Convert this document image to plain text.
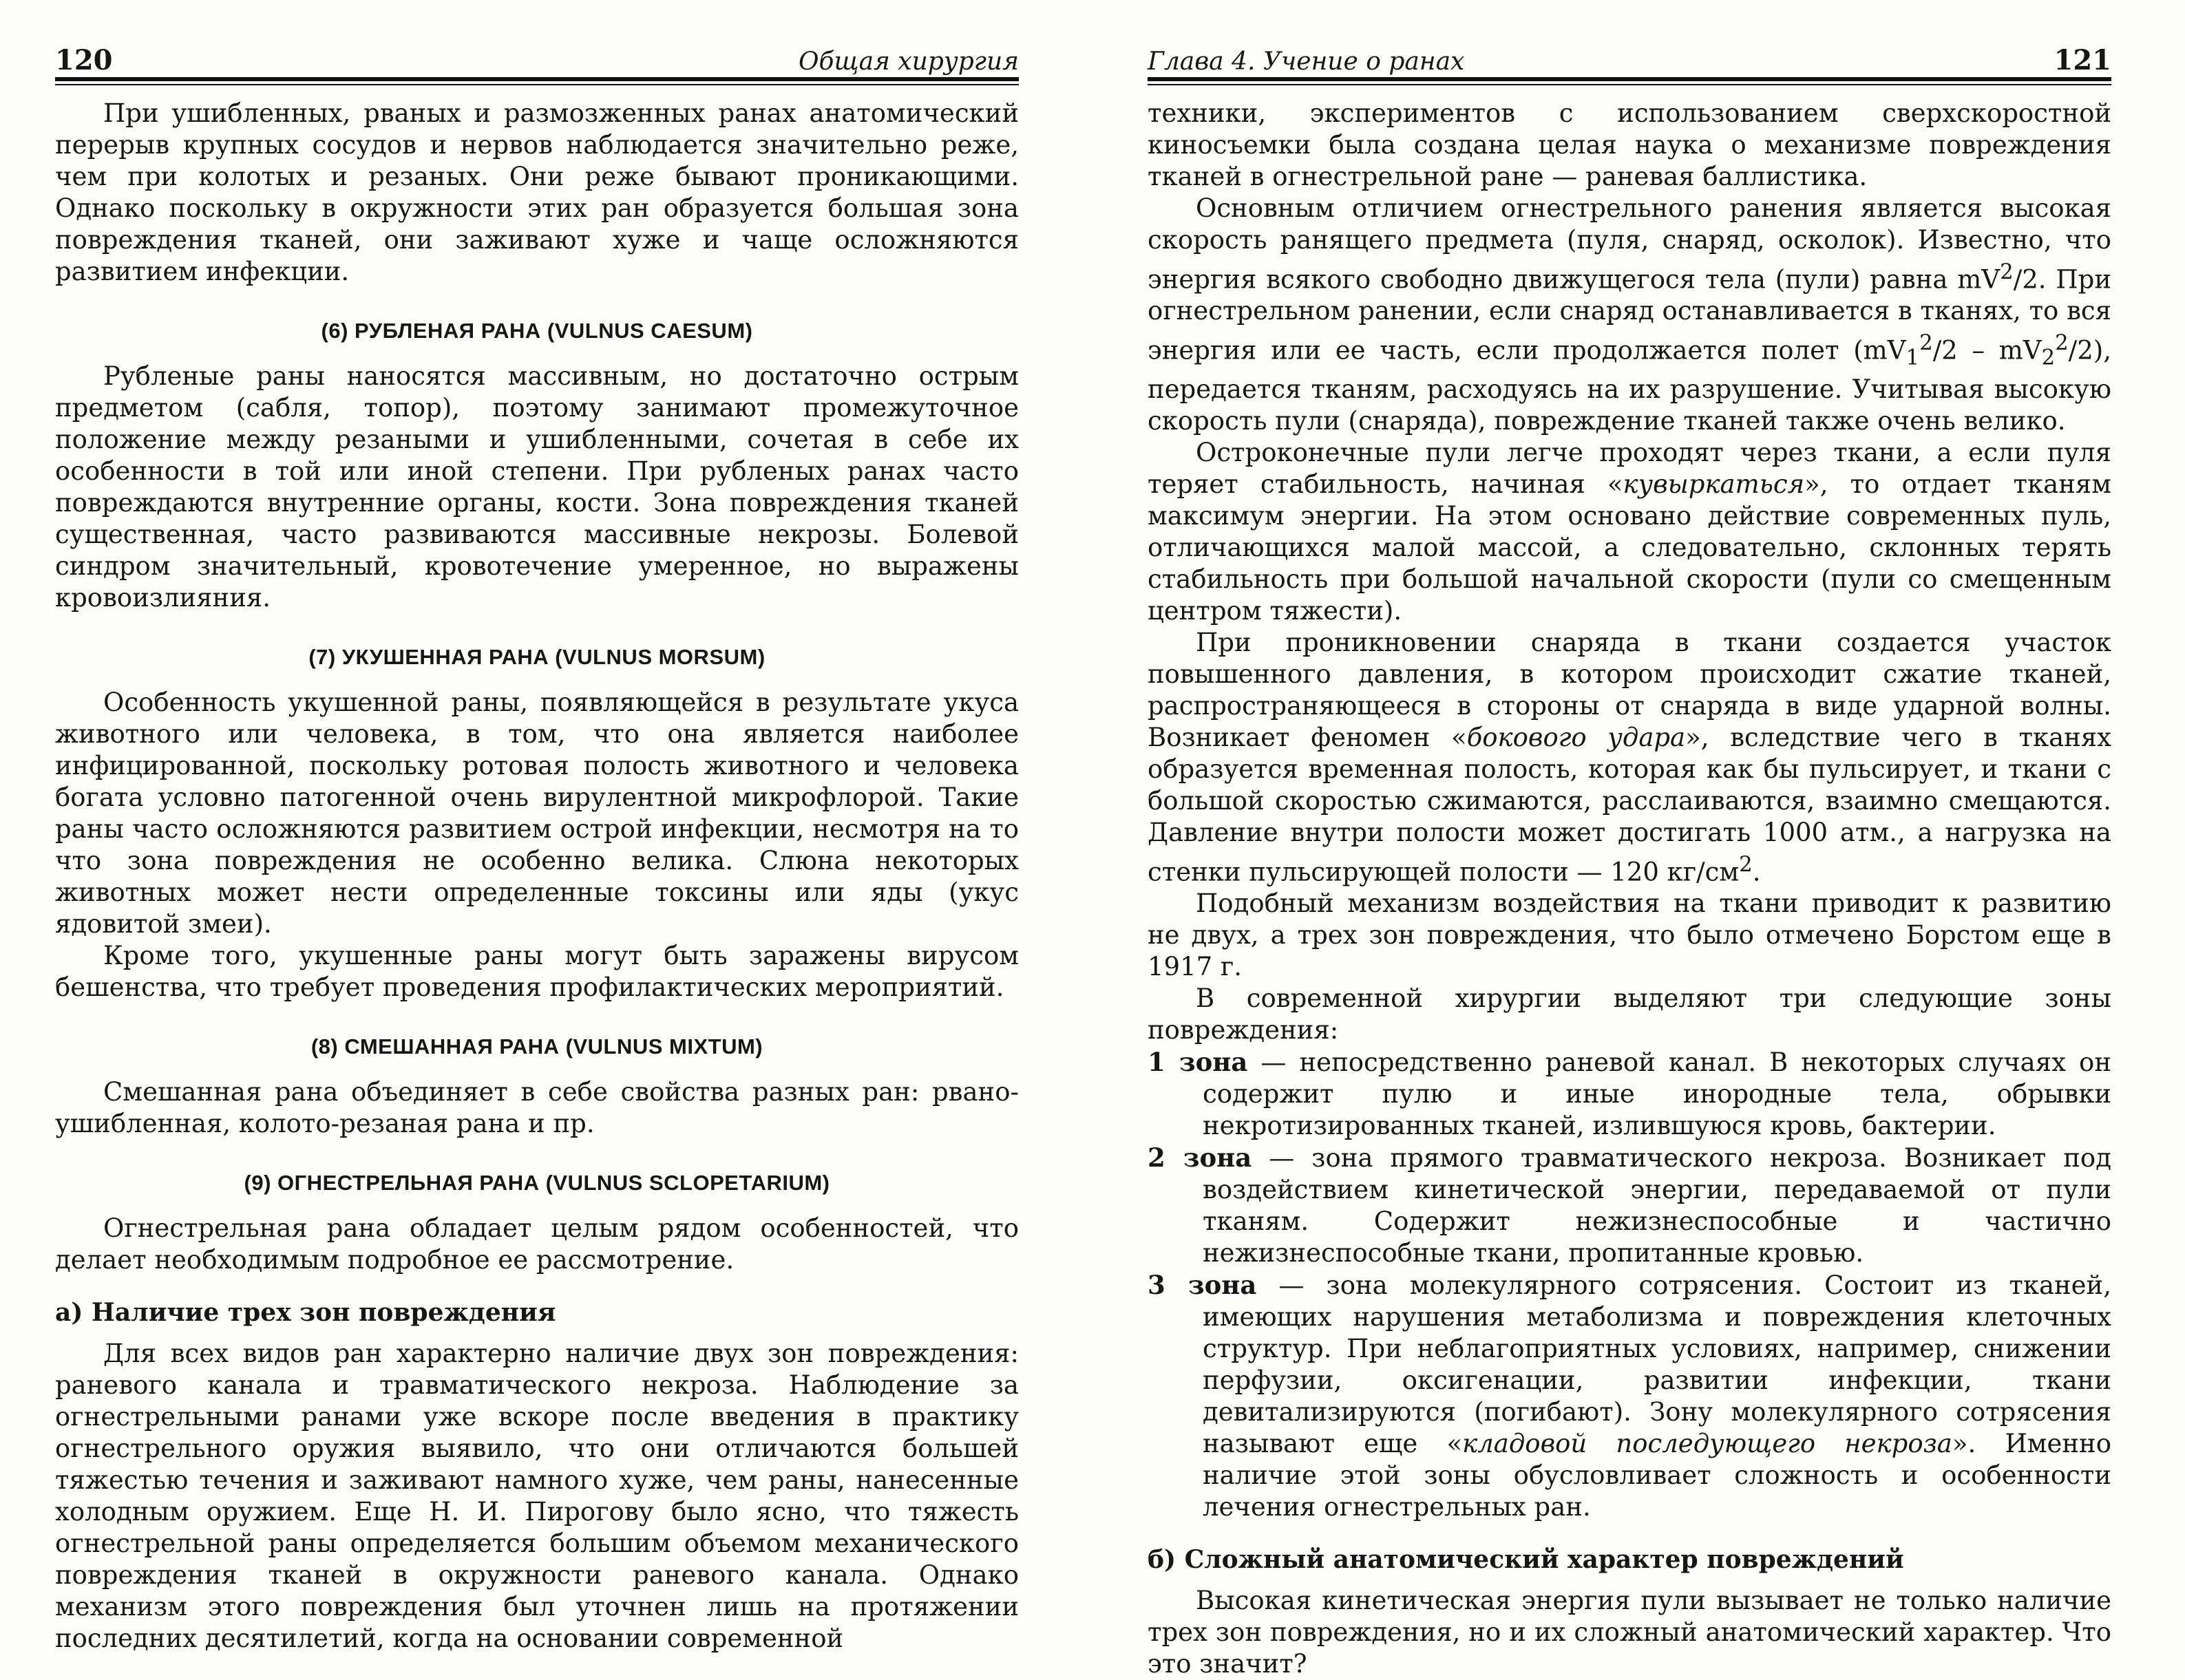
120	Общая хирургия

При ушибленных, рваных и размозженных ранах анатомический перерыв крупных сосудов и нервов наблюдается значительно реже, чем при колотых и резаных. Они реже бывают проникающими. Однако поскольку в окружности этих ран образуется большая зона повреждения тканей, они заживают хуже и чаще осложняются развитием инфекции.

(6) РУБЛЕНАЯ РАНА (VULNUS CAESUM)

Рубленые раны наносятся массивным, но достаточно острым предметом (сабля, топор), поэтому занимают промежуточное положение между резаными и ушибленными, сочетая в себе их особенности в той или иной степени. При рубленых ранах часто повреждаются внутренние органы, кости. Зона повреждения тканей существенная, часто развиваются массивные некрозы. Болевой синдром значительный, кровотечение умеренное, но выражены кровоизлияния.

(7) УКУШЕННАЯ РАНА (VULNUS MORSUM)

Особенность укушенной раны, появляющейся в результате укуса животного или человека, в том, что она является наиболее инфицированной, поскольку ротовая полость животного и человека богата условно патогенной очень вирулентной микрофлорой. Такие раны часто осложняются развитием острой инфекции, несмотря на то что зона повреждения не особенно велика. Слюна некоторых животных может нести определенные токсины или яды (укус ядовитой змеи).

Кроме того, укушенные раны могут быть заражены вирусом бешенства, что требует проведения профилактических мероприятий.

(8) СМЕШАННАЯ РАНА (VULNUS MIXTUM)

Смешанная рана объединяет в себе свойства разных ран: рвано-ушибленная, колото-резаная рана и пр.

(9) ОГНЕСТРЕЛЬНАЯ РАНА (VULNUS SCLOPETARIUM)

Огнестрельная рана обладает целым рядом особенностей, что делает необходимым подробное ее рассмотрение.

а) Наличие трех зон повреждения

Для всех видов ран характерно наличие двух зон повреждения: раневого канала и травматического некроза. Наблюдение за огнестрельными ранами уже вскоре после введения в практику огнестрельного оружия выявило, что они отличаются большей тяжестью течения и заживают намного хуже, чем раны, нанесенные холодным оружием. Еще Н. И. Пирогову было ясно, что тяжесть огнестрельной раны определяется большим объемом механического повреждения тканей в окружности раневого канала. Однако механизм этого повреждения был уточнен лишь на протяжении последних десятилетий, когда на основании современной

Глава 4. Учение о ранах	121

техники, экспериментов с использованием сверхскоростной киносъемки была создана целая наука о механизме повреждения тканей в огнестрельной ране — раневая баллистика.

Основным отличием огнестрельного ранения является высокая скорость ранящего предмета (пуля, снаряд, осколок). Известно, что энергия всякого свободно движущегося тела (пули) равна $mV^2/2$. При огнестрельном ранении, если снаряд останавливается в тканях, то вся энергия или ее часть, если продолжается полет $(mV_1^2/2 - mV_2^2/2)$, передается тканям, расходуясь на их разрушение. Учитывая высокую скорость пули (снаряда), повреждение тканей также очень велико.

Остроконечные пули легче проходят через ткани, а если пуля теряет стабильность, начиная «кувыркаться», то отдает тканям максимум энергии. На этом основано действие современных пуль, отличающихся малой массой, а следовательно, склонных терять стабильность при большой начальной скорости (пули со смещенным центром тяжести).

При проникновении снаряда в ткани создается участок повышенного давления, в котором происходит сжатие тканей, распространяющееся в стороны от снаряда в виде ударной волны. Возникает феномен «бокового удара», вследствие чего в тканях образуется временная полость, которая как бы пульсирует, и ткани с большой скоростью сжимаются, расслаиваются, взаимно смещаются. Давление внутри полости может достигать 1000 атм., а нагрузка на стенки пульсирующей полости — 120 $кг/см^2$.

Подобный механизм воздействия на ткани приводит к развитию не двух, а трех зон повреждения, что было отмечено Борстом еще в 1917 г.

В современной хирургии выделяют три следующие зоны повреждения:

1 зона — непосредственно раневой канал. В некоторых случаях он содержит пулю и иные инородные тела, обрывки некротизированных тканей, излившуюся кровь, бактерии.

2 зона — зона прямого травматического некроза. Возникает под воздействием кинетической энергии, передаваемой от пули тканям. Содержит нежизнеспособные и частично нежизнеспособные ткани, пропитанные кровью.

3 зона — зона молекулярного сотрясения. Состоит из тканей, имеющих нарушения метаболизма и повреждения клеточных структур. При неблагоприятных условиях, например, снижении перфузии, оксигенации, развитии инфекции, ткани девитализируются (погибают). Зону молекулярного сотрясения называют еще «кладовой последующего некроза». Именно наличие этой зоны обусловливает сложность и особенности лечения огнестрельных ран.

б) Сложный анатомический характер повреждений

Высокая кинетическая энергия пули вызывает не только наличие трех зон повреждения, но и их сложный анатомический характер. Что это значит?
